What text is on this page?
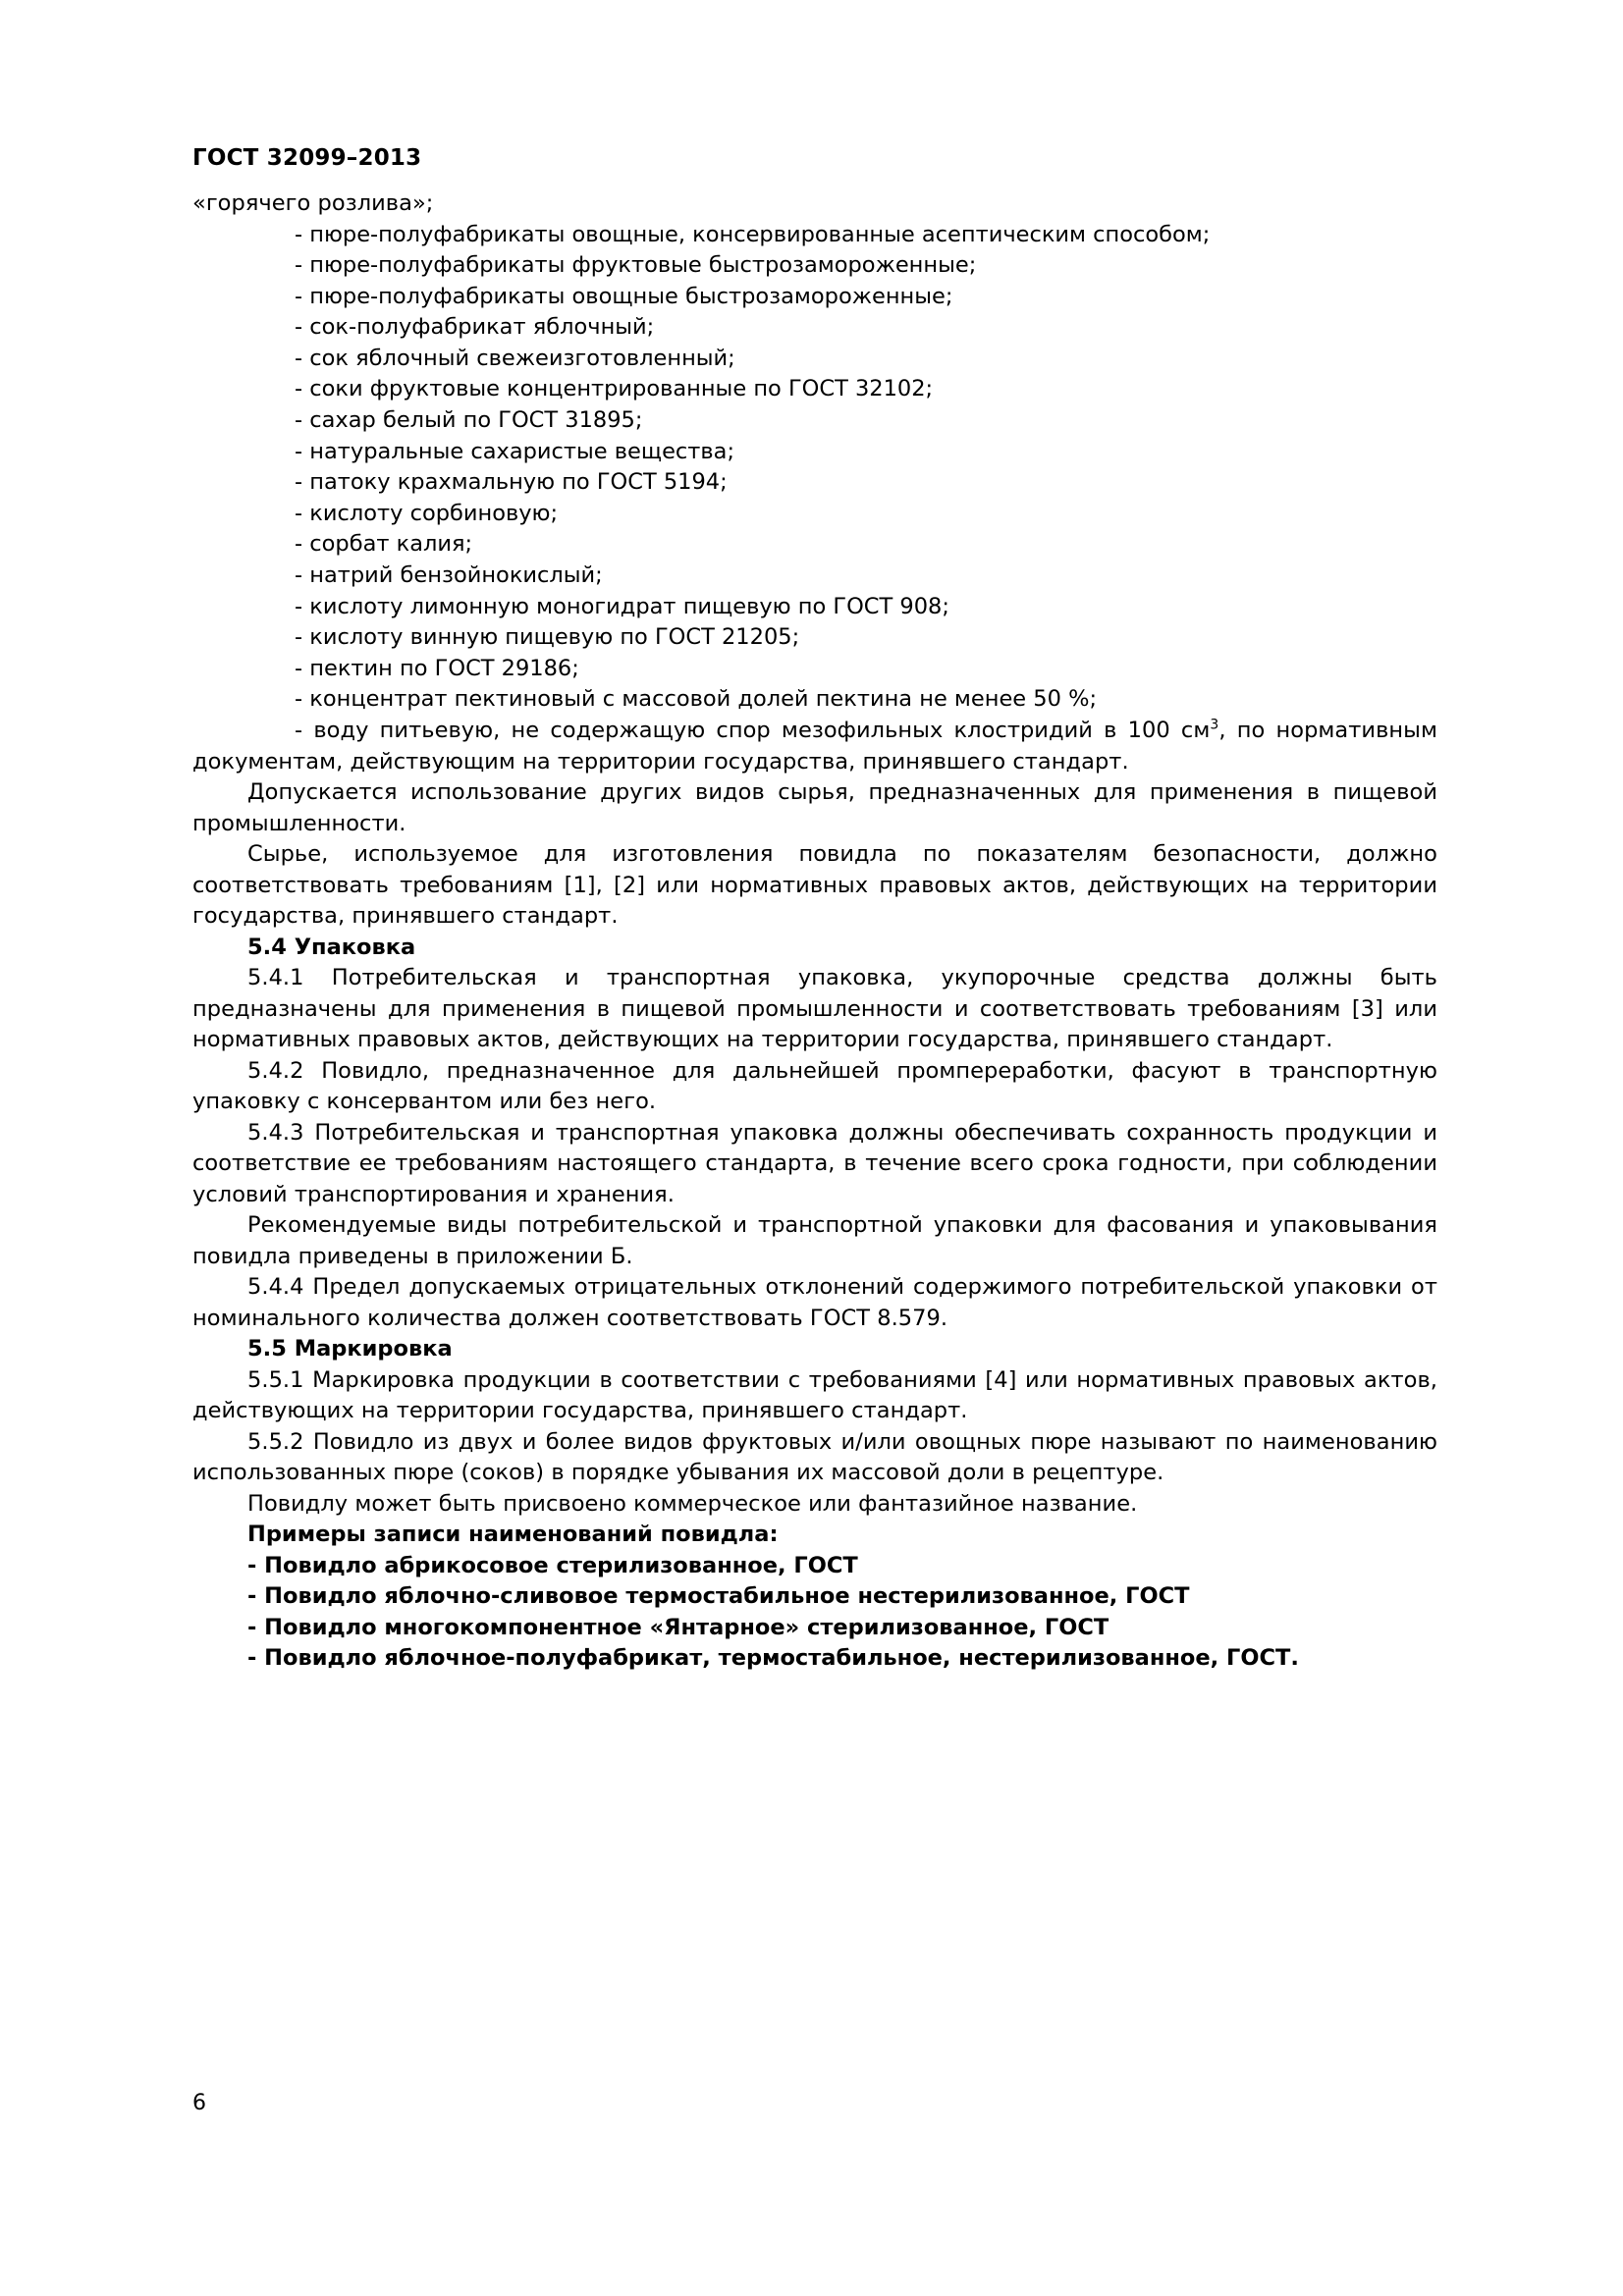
ГОСТ 32099–2013

«горячего розлива»;

- пюре-полуфабрикаты овощные, консервированные асептическим способом;
- пюре-полуфабрикаты фруктовые быстрозамороженные;
- пюре-полуфабрикаты овощные быстрозамороженные;
- сок-полуфабрикат яблочный;
- сок яблочный свежеизготовленный;
- соки фруктовые концентрированные по ГОСТ 32102;
- сахар белый по ГОСТ 31895;
- натуральные сахаристые вещества;
- патоку крахмальную по ГОСТ 5194;
- кислоту сорбиновую;
- сорбат калия;
- натрий бензойнокислый;
- кислоту лимонную моногидрат пищевую по ГОСТ 908;
- кислоту винную пищевую по ГОСТ 21205;
- пектин по ГОСТ 29186;
- концентрат пектиновый с массовой долей пектина не менее 50 %;

- воду питьевую, не содержащую спор мезофильных клостридий в 100 $см^3$, по нормативным документам, действующим на территории государства, принявшего стандарт.

Допускается использование других видов сырья, предназначенных для применения в пищевой промышленности.

Сырье, используемое для изготовления повидла по показателям безопасности, должно соответствовать требованиям [1], [2] или нормативных правовых актов, действующих на территории государства, принявшего стандарт.

5.4 Упаковка

5.4.1 Потребительская и транспортная упаковка, укупорочные средства должны быть предназначены для применения в пищевой промышленности и соответствовать требованиям [3] или нормативных правовых актов, действующих на территории государства, принявшего стандарт.

5.4.2 Повидло, предназначенное для дальнейшей промпереработки, фасуют в транспортную упаковку с консервантом или без него.

5.4.3 Потребительская и транспортная упаковка должны обеспечивать сохранность продукции и соответствие ее требованиям настоящего стандарта, в течение всего срока годности, при соблюдении условий транспортирования и хранения.

Рекомендуемые виды потребительской и транспортной упаковки для фасования и упаковывания повидла приведены в приложении Б.

5.4.4 Предел допускаемых отрицательных отклонений содержимого потребительской упаковки от номинального количества должен соответствовать ГОСТ 8.579.

5.5 Маркировка

5.5.1 Маркировка продукции в соответствии с требованиями [4] или нормативных правовых актов, действующих на территории государства, принявшего стандарт.

5.5.2 Повидло из двух и более видов фруктовых и/или овощных пюре называют по наименованию использованных пюре (соков) в порядке убывания их массовой доли в рецептуре.

Повидлу может быть присвоено коммерческое или фантазийное название.

Примеры записи наименований повидла:

- Повидло абрикосовое стерилизованное, ГОСТ

- Повидло яблочно-сливовое термостабильное нестерилизованное, ГОСТ

- Повидло многокомпонентное «Янтарное» стерилизованное, ГОСТ

- Повидло яблочное-полуфабрикат, термостабильное, нестерилизованное, ГОСТ.

6
